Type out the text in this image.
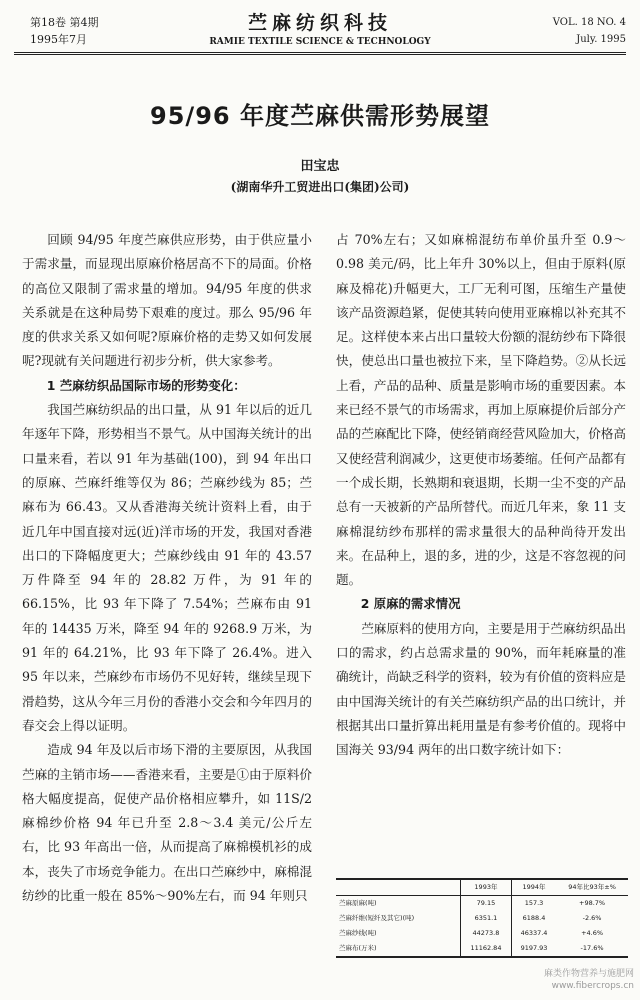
第18卷 第4期
1995年7月
苎麻纺织科技
RAMIE TEXTILE SCIENCE & TECHNOLOGY
VOL. 18 NO. 4
July. 1995
95/96 年度苎麻供需形势展望
田宝忠
(湖南华升工贸进出口(集团)公司)

回顾 94/95 年度苎麻供应形势，由于供应量小于需求量，而显现出原麻价格居高不下的局面。价格的高位又限制了需求量的增加。94/95 年度的供求关系就是在这种局势下艰难的度过。那么 95/96 年度的供求关系又如何呢?原麻价格的走势又如何发展呢?现就有关问题进行初步分析，供大家参考。

1 苎麻纺织品国际市场的形势变化：

我国苎麻纺织品的出口量，从 91 年以后的近几年逐年下降，形势相当不景气。从中国海关统计的出口量来看，若以 91 年为基础(100)，到 94 年出口的原麻、苎麻纤维等仅为 86；苎麻纱线为 85；苎麻布为 66.43。又从香港海关统计资料上看，由于近几年中国直接对远(近)洋市场的开发，我国对香港出口的下降幅度更大；苎麻纱线由 91 年的 43.57 万件降至 94 年的 28.82 万件，为 91 年的 66.15%，比 93 年下降了 7.54%；苎麻布由 91 年的 14435 万米，降至 94 年的 9268.9 万米，为 91 年的 64.21%，比 93 年下降了 26.4%。进入 95 年以来，苎麻纱布市场仍不见好转，继续呈现下滑趋势，这从今年三月份的香港小交会和今年四月的春交会上得以证明。

造成 94 年及以后市场下滑的主要原因，从我国苎麻的主销市场——香港来看，主要是①由于原料价格大幅度提高，促使产品价格相应攀升，如 11S/2 麻棉纱价格 94 年已升至 2.8～3.4 美元/公斤左右，比 93 年高出一倍，从而提高了麻棉模机衫的成本，丧失了市场竞争能力。在出口苎麻纱中，麻棉混纺纱的比重一般在 85%～90%左右，而 94 年则只

占 70%左右；又如麻棉混纺布单价虽升至 0.9～0.98 美元/码，比上年升 30%以上，但由于原料(原麻及棉花)升幅更大，工厂无利可图，压缩生产量使该产品资源趋紧，促使其转向使用亚麻棉以补充其不足。这样使本来占出口量较大份额的混纺纱布下降很快，使总出口量也被拉下来，呈下降趋势。②从长远上看，产品的品种、质量是影响市场的重要因素。本来已经不景气的市场需求，再加上原麻提价后部分产品的苎麻配比下降，使经销商经营风险加大，价格高又使经营利润减少，这更使市场萎缩。任何产品都有一个成长期，长熟期和衰退期，长期一尘不变的产品总有一天被新的产品所替代。而近几年来，象 11 支麻棉混纺纱布那样的需求量很大的品种尚待开发出来。在品种上，退的多，进的少，这是不容忽视的问题。

2 原麻的需求情况

苎麻原料的使用方向，主要是用于苎麻纺织品出口的需求，约占总需求量的 90%，而年耗麻量的准确统计，尚缺乏科学的资料，较为有价值的资料应是由中国海关统计的有关苎麻纺织产品的出口统计，并根据其出口量折算出耗用量是有参考价值的。现将中国海关 93/94 两年的出口数字统计如下：

	1993年	1994年	94年比93年±%
苎麻原麻(吨)	79.15	157.3	+98.7%
苎麻纤维(短纤及其它)(吨)	6351.1	6188.4	-2.6%
苎麻纱线(吨)	44273.8	46337.4	+4.6%
苎麻布(万米)	11162.84	9197.93	-17.6%
麻类作物营养与施肥网
www.fibercrops.cn
